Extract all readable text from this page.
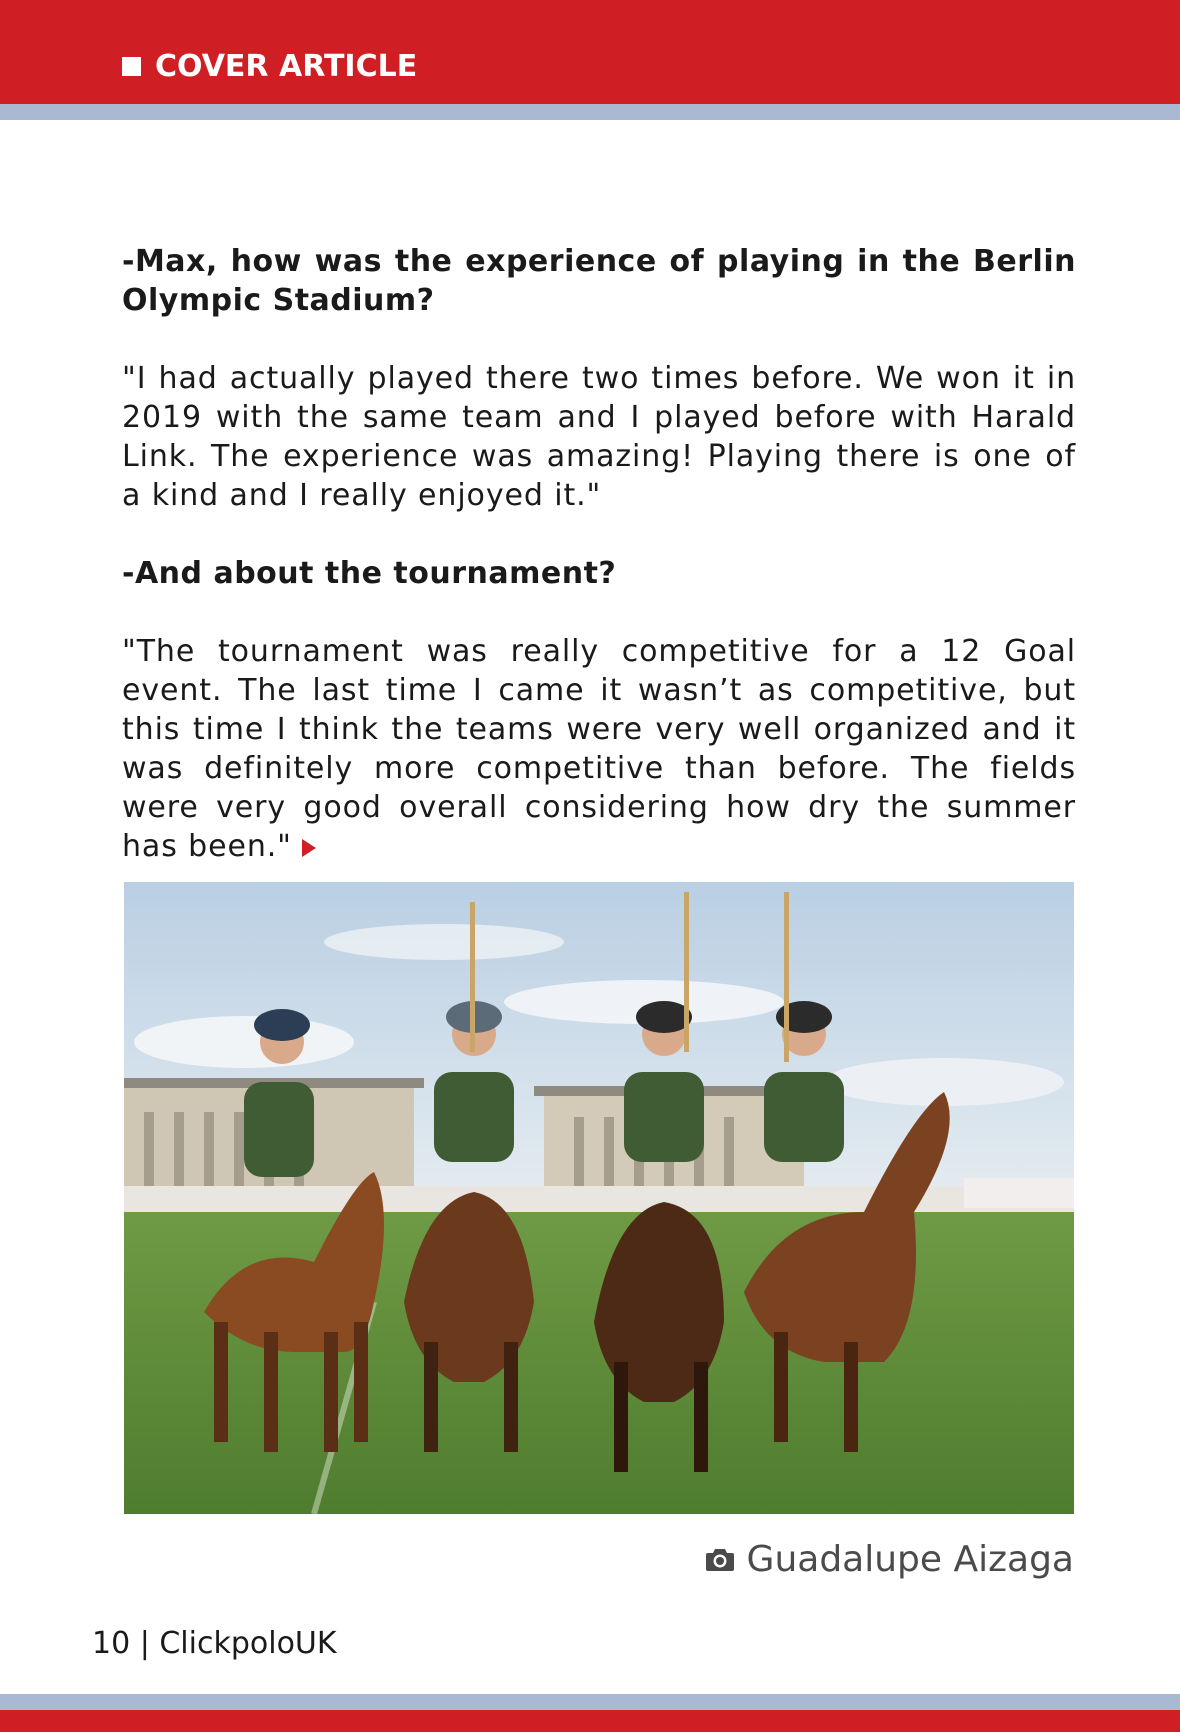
COVER ARTICLE

-Max, how was the experience of playing in the Berlin Olympic Stadium?

"I had actually played there two times before. We won it in 2019 with the same team and I played before with Harald Link. The experience was amazing! Playing there is one of a kind and I really enjoyed it."

-And about the tournament?

"The tournament was really competitive for a 12 Goal event. The last time I came it wasn’t as competitive, but this time I think the teams were very well organized and it was definitely more competitive than before. The fields were very good overall considering how dry the summer has been."

Guadalupe Aizaga
10 | ClickpoloUK
